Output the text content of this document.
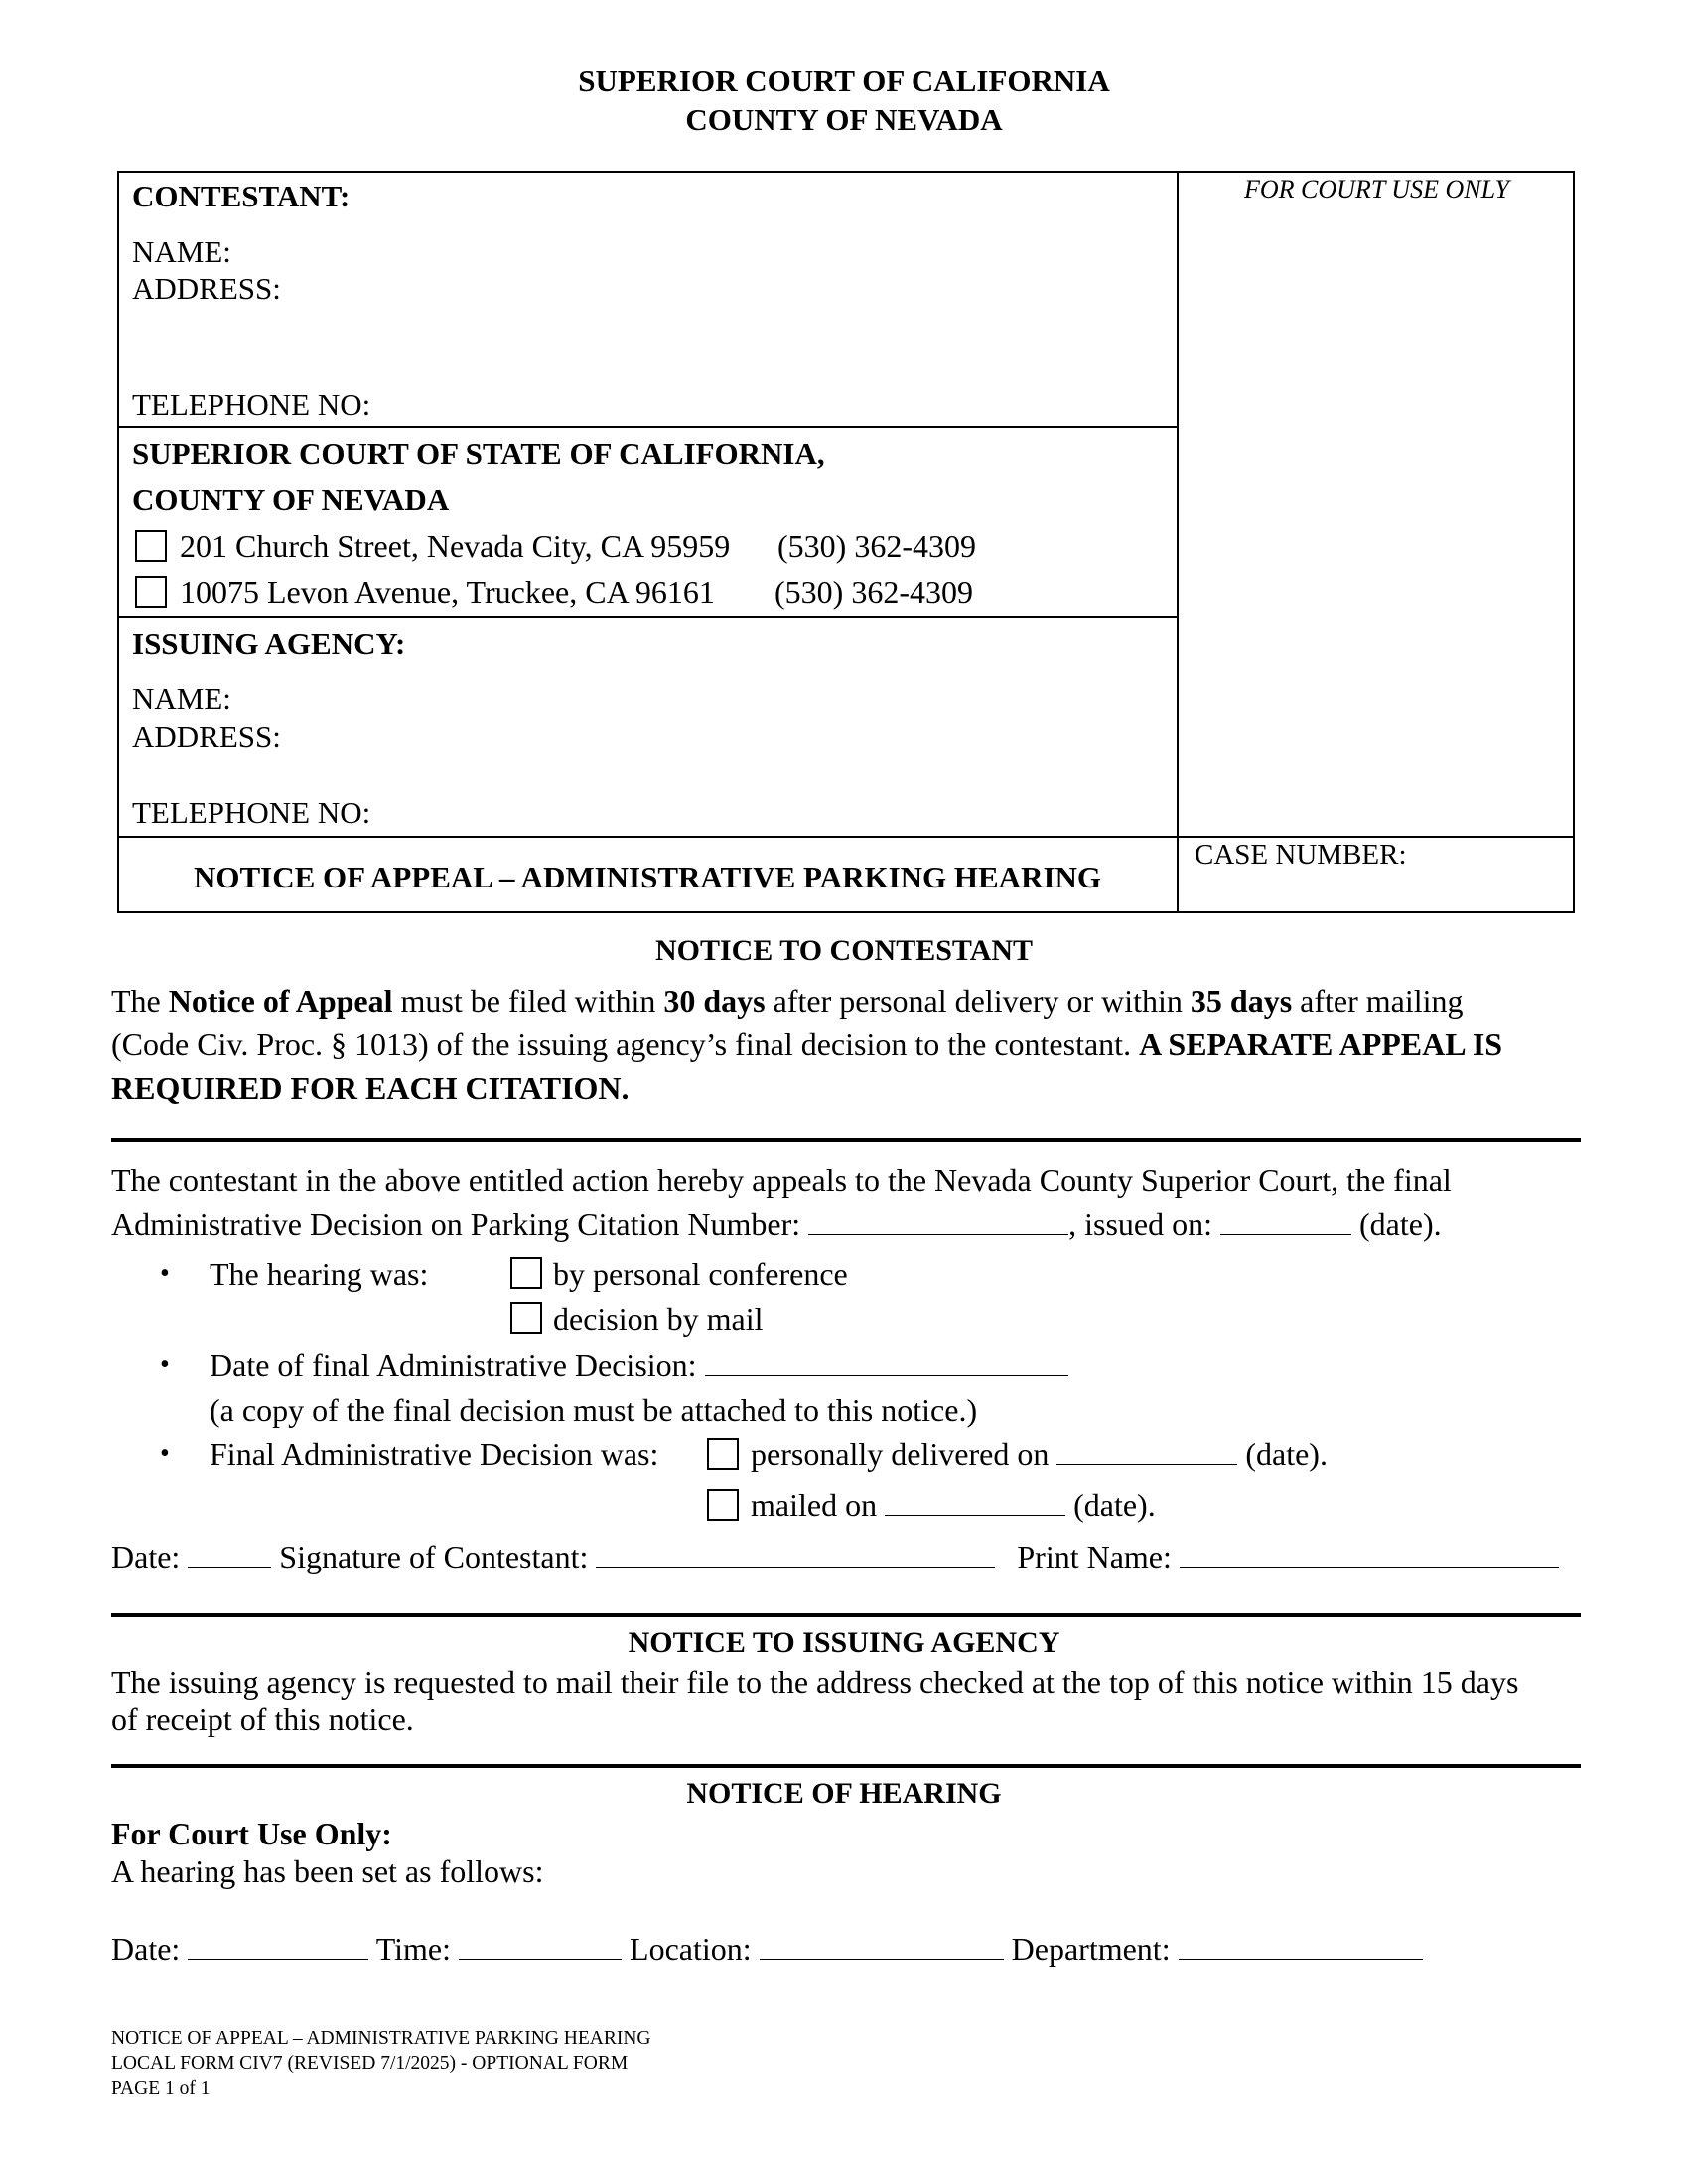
SUPERIOR COURT OF CALIFORNIA
COUNTY OF NEVADA
CONTESTANT:
NAME:
ADDRESS:
TELEPHONE NO:
SUPERIOR COURT OF STATE OF CALIFORNIA,
COUNTY OF NEVADA
201 Church Street, Nevada City, CA 95959 (530) 362-4309
10075 Levon Avenue, Truckee, CA 96161 (530) 362-4309
ISSUING AGENCY:
NAME:
ADDRESS:
TELEPHONE NO:
FOR COURT USE ONLY
CASE NUMBER:
NOTICE OF APPEAL – ADMINISTRATIVE PARKING HEARING
NOTICE TO CONTESTANT
The Notice of Appeal must be filed within 30 days after personal delivery or within 35 days after mailing
(Code Civ. Proc. § 1013) of the issuing agency’s final decision to the contestant. A SEPARATE APPEAL IS
REQUIRED FOR EACH CITATION.
The contestant in the above entitled action hereby appeals to the Nevada County Superior Court, the final
Administrative Decision on Parking Citation Number:	, issued on:	(date).
• The hearing was:	by personal conference
decision by mail
• Date of final Administrative Decision:
(a copy of the final decision must be attached to this notice.)
• Final Administrative Decision was:	personally delivered on	(date).
mailed on	(date).
Date:	Signature of Contestant:	Print Name:
NOTICE TO ISSUING AGENCY
The issuing agency is requested to mail their file to the address checked at the top of this notice within 15 days
of receipt of this notice.
NOTICE OF HEARING
For Court Use Only:
A hearing has been set as follows:
Date:	Time:	Location:	Department:
NOTICE OF APPEAL – ADMINISTRATIVE PARKING HEARING
LOCAL FORM CIV7 (REVISED 7/1/2025) - OPTIONAL FORM
PAGE 1 of 1
